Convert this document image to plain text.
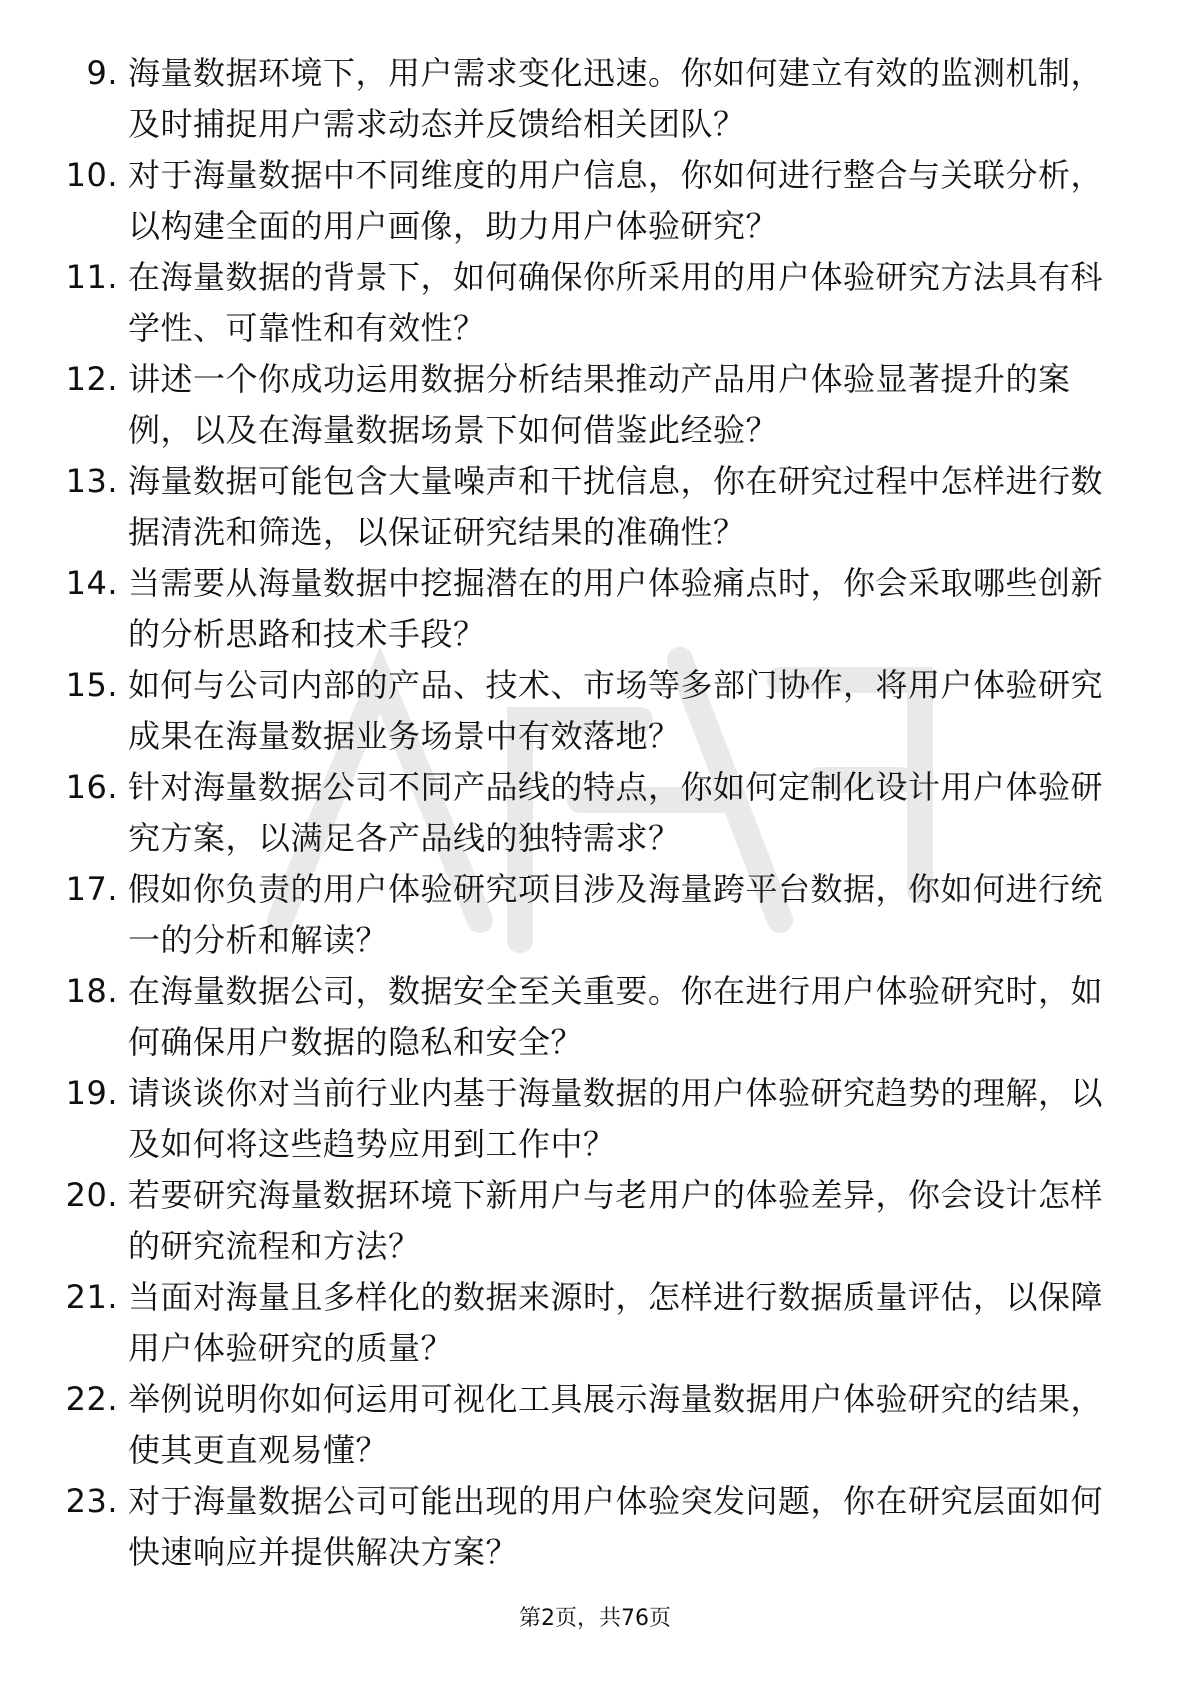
9. 海量数据环境下，用户需求变化迅速。你如何建立有效的监测机制，及时捕捉用户需求动态并反馈给相关团队？
10. 对于海量数据中不同维度的用户信息，你如何进行整合与关联分析，以构建全面的用户画像，助力用户体验研究？
11. 在海量数据的背景下，如何确保你所采用的用户体验研究方法具有科学性、可靠性和有效性？
12. 讲述一个你成功运用数据分析结果推动产品用户体验显著提升的案例，以及在海量数据场景下如何借鉴此经验？
13. 海量数据可能包含大量噪声和干扰信息，你在研究过程中怎样进行数据清洗和筛选，以保证研究结果的准确性？
14. 当需要从海量数据中挖掘潜在的用户体验痛点时，你会采取哪些创新的分析思路和技术手段？
15. 如何与公司内部的产品、技术、市场等多部门协作，将用户体验研究成果在海量数据业务场景中有效落地？
16. 针对海量数据公司不同产品线的特点，你如何定制化设计用户体验研究方案，以满足各产品线的独特需求？
17. 假如你负责的用户体验研究项目涉及海量跨平台数据，你如何进行统一的分析和解读？
18. 在海量数据公司，数据安全至关重要。你在进行用户体验研究时，如何确保用户数据的隐私和安全？
19. 请谈谈你对当前行业内基于海量数据的用户体验研究趋势的理解，以及如何将这些趋势应用到工作中？
20. 若要研究海量数据环境下新用户与老用户的体验差异，你会设计怎样的研究流程和方法？
21. 当面对海量且多样化的数据来源时，怎样进行数据质量评估，以保障用户体验研究的质量？
22. 举例说明你如何运用可视化工具展示海量数据用户体验研究的结果，使其更直观易懂？
23. 对于海量数据公司可能出现的用户体验突发问题，你在研究层面如何快速响应并提供解决方案？
第2页，共76页
